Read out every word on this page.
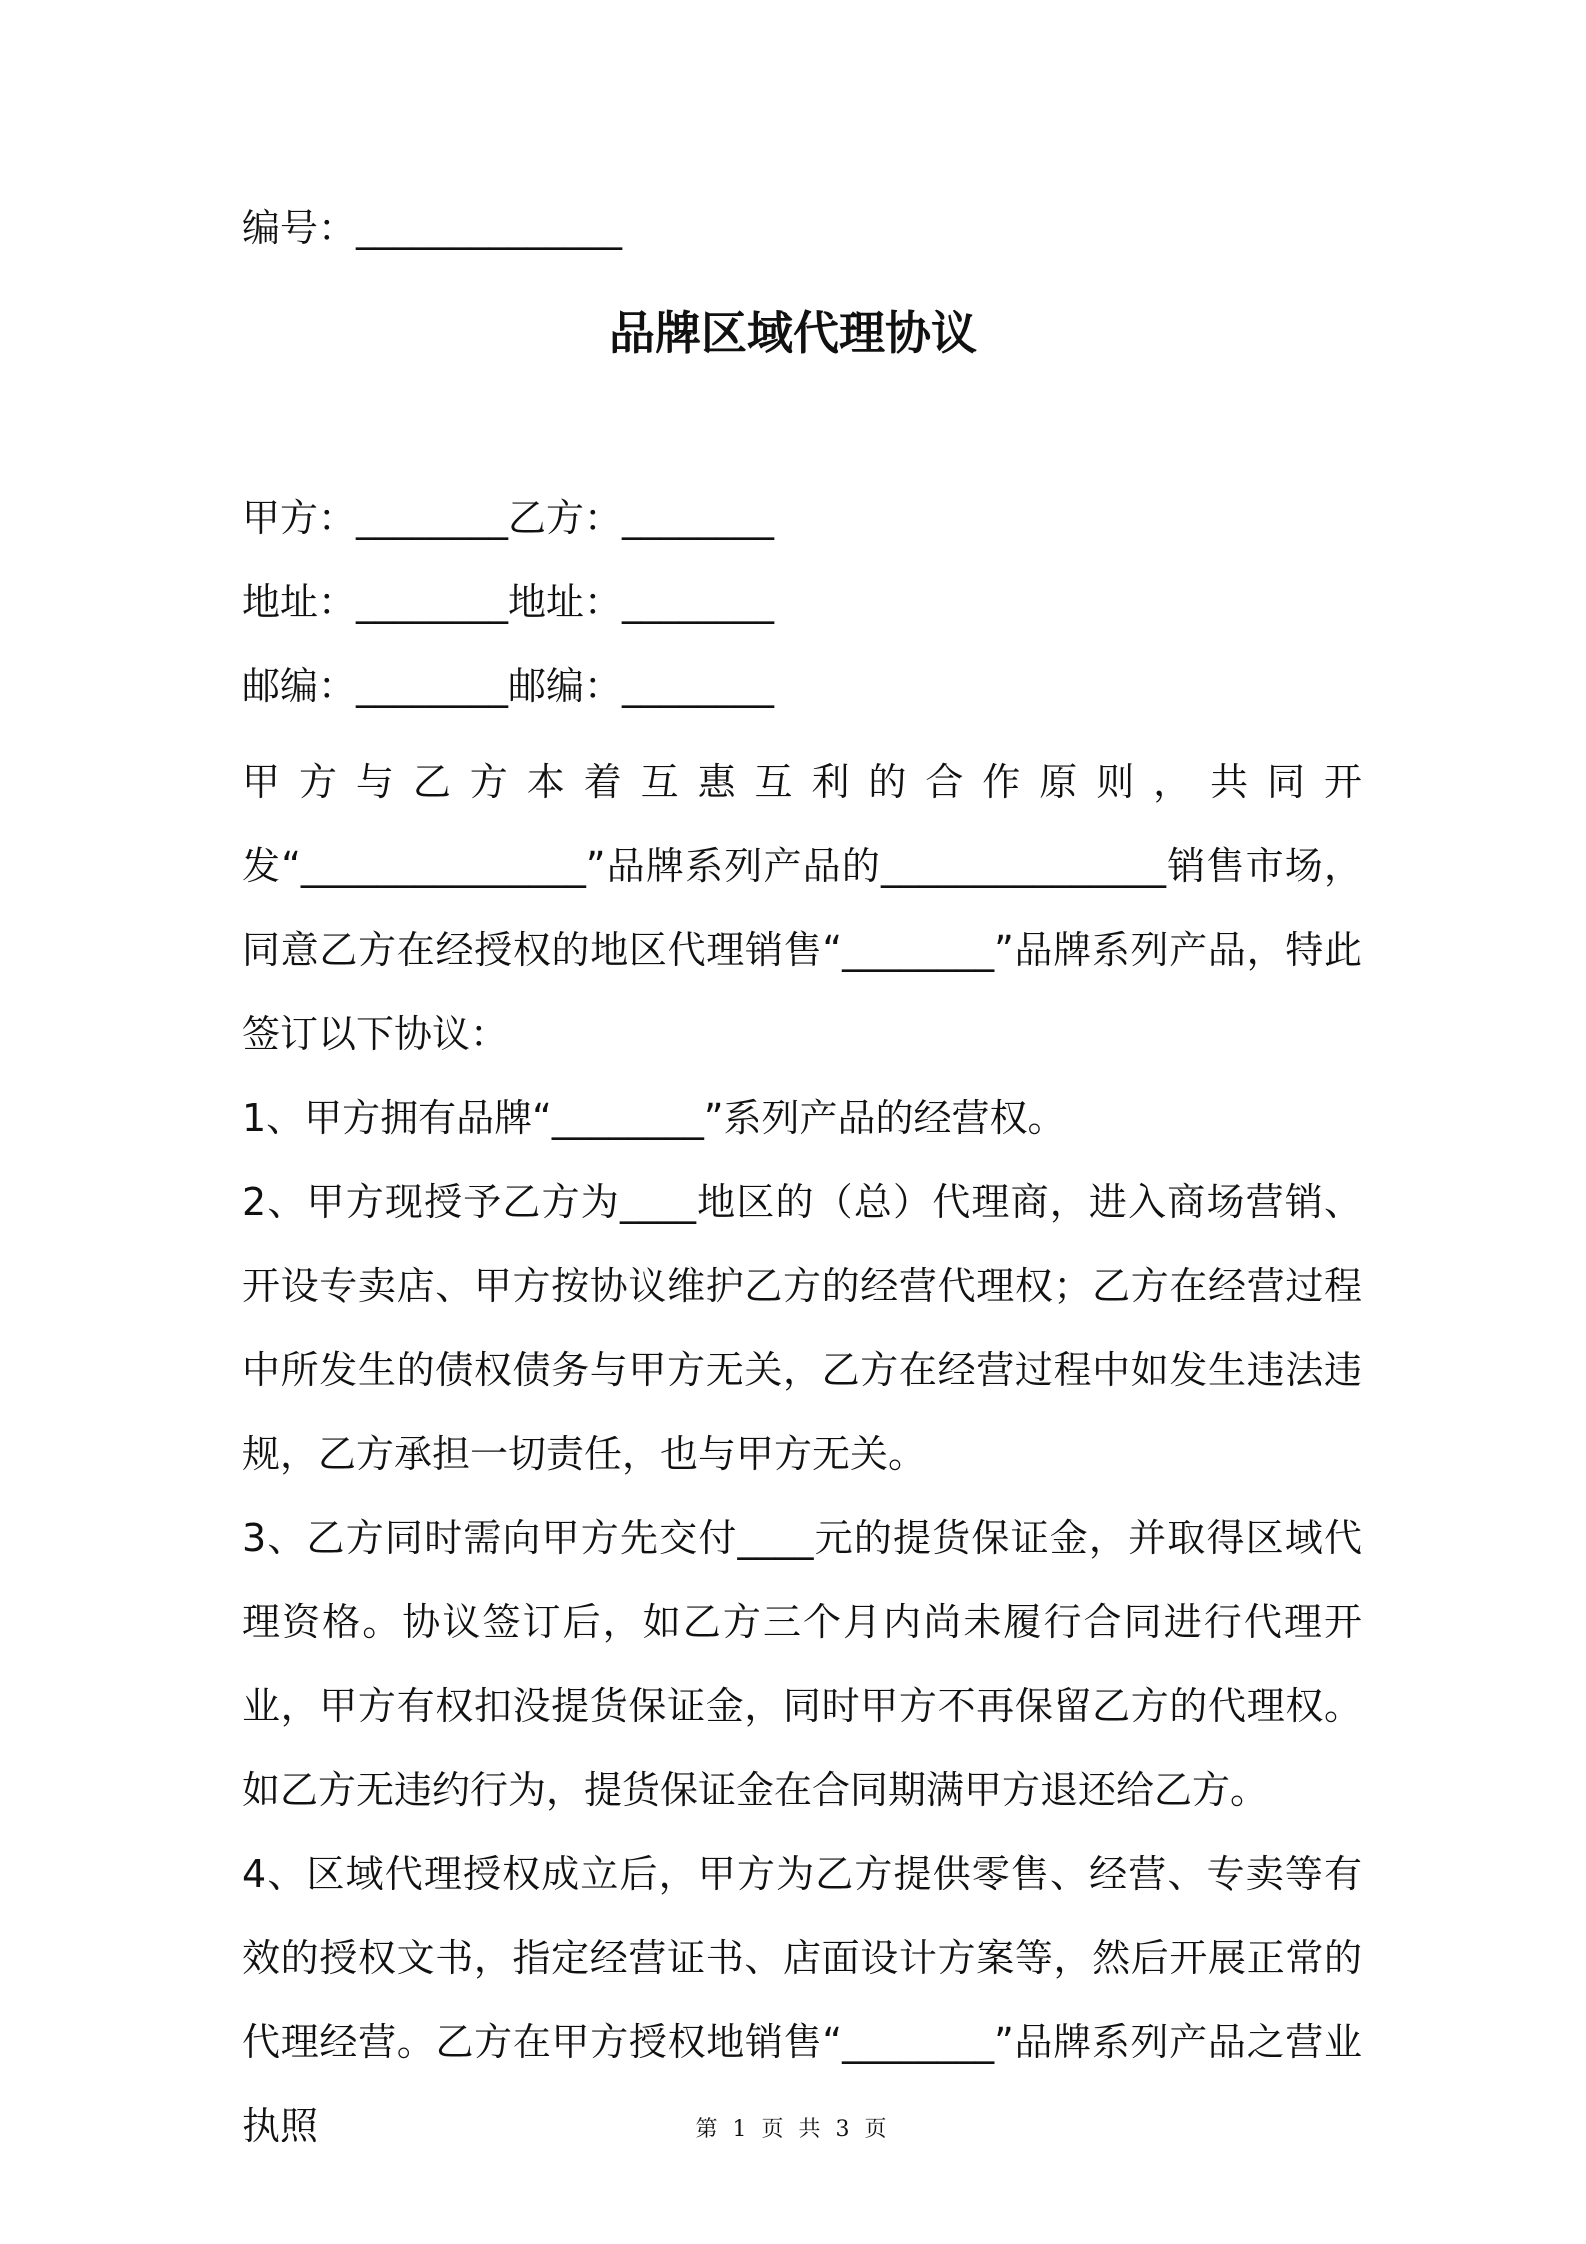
编号：______________
品牌区域代理协议
甲方：________乙方：________
地址：________地址：________
邮编：________邮编：________

甲方与乙方本着互惠互利的合作原则，共同开发“_______________”品牌系列产品的_______________销售市场，同意乙方在经授权的地区代理销售“________”品牌系列产品，特此签订以下协议：

1、甲方拥有品牌“________”系列产品的经营权。

2、甲方现授予乙方为____地区的（总）代理商，进入商场营销、开设专卖店、甲方按协议维护乙方的经营代理权；乙方在经营过程中所发生的债权债务与甲方无关，乙方在经营过程中如发生违法违规，乙方承担一切责任，也与甲方无关。

3、乙方同时需向甲方先交付____元的提货保证金，并取得区域代理资格。协议签订后，如乙方三个月内尚未履行合同进行代理开业，甲方有权扣没提货保证金，同时甲方不再保留乙方的代理权。如乙方无违约行为，提货保证金在合同期满甲方退还给乙方。

4、区域代理授权成立后，甲方为乙方提供零售、经营、专卖等有效的授权文书，指定经营证书、店面设计方案等，然后开展正常的代理经营。乙方在甲方授权地销售“________”品牌系列产品之营业执照	第 1 页 共 3 页
